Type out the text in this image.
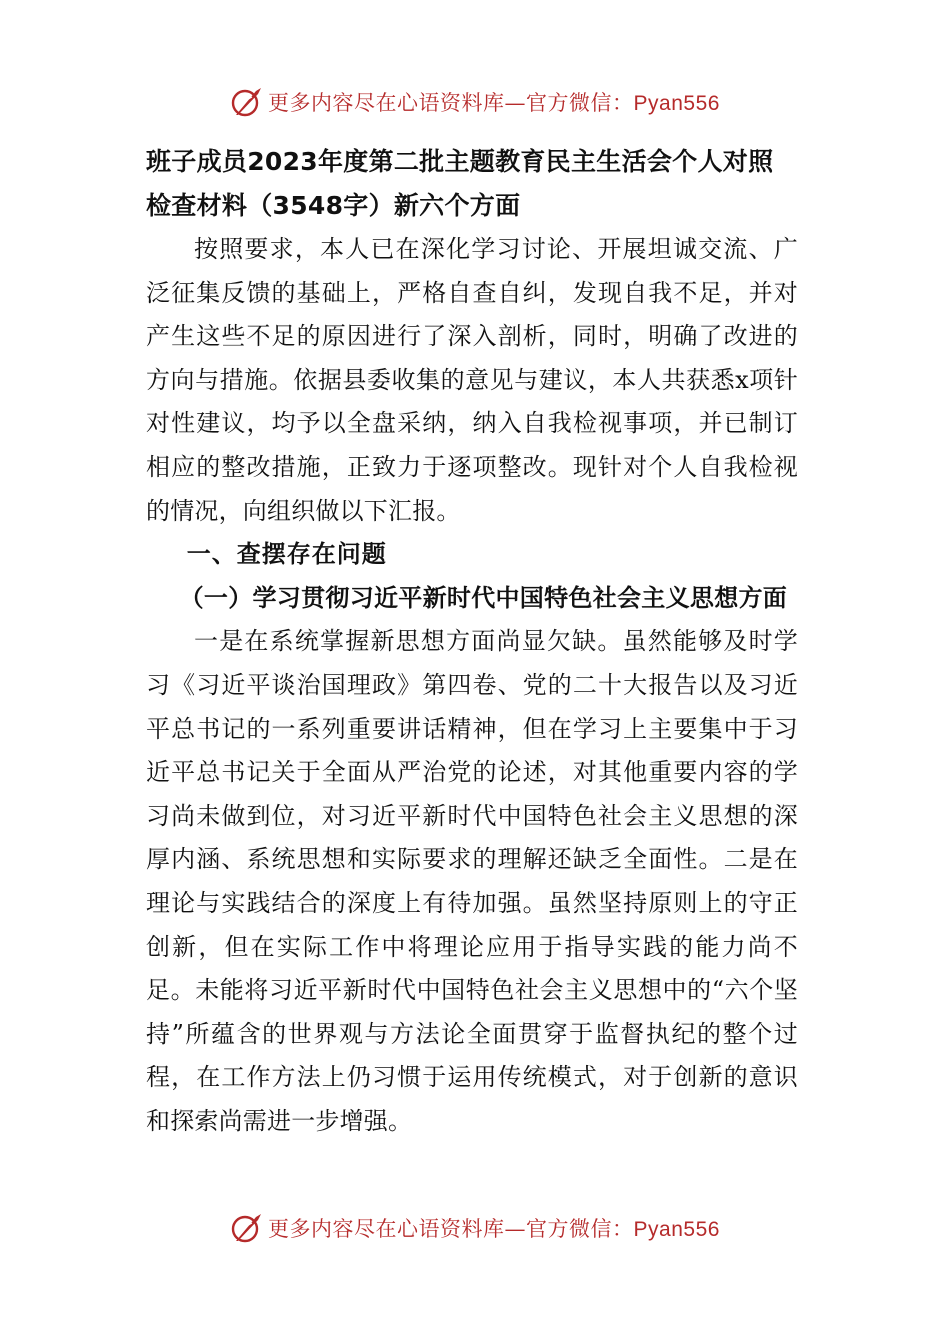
更多内容尽在心语资料库—官方微信：Pyan556
班子成员2023年度第二批主题教育民主生活会个人对照检查材料（3548字）新六个方面

按照要求，本人已在深化学习讨论、开展坦诚交流、广泛征集反馈的基础上，严格自查自纠，发现自我不足，并对产生这些不足的原因进行了深入剖析，同时，明确了改进的方向与措施。依据县委收集的意见与建议，本人共获悉x项针对性建议，均予以全盘采纳，纳入自我检视事项，并已制订相应的整改措施，正致力于逐项整改。现针对个人自我检视的情况，向组织做以下汇报。

一、查摆存在问题
（一）学习贯彻习近平新时代中国特色社会主义思想方面

一是在系统掌握新思想方面尚显欠缺。虽然能够及时学习《习近平谈治国理政》第四卷、党的二十大报告以及习近平总书记的一系列重要讲话精神，但在学习上主要集中于习近平总书记关于全面从严治党的论述，对其他重要内容的学习尚未做到位，对习近平新时代中国特色社会主义思想的深厚内涵、系统思想和实际要求的理解还缺乏全面性。二是在理论与实践结合的深度上有待加强。虽然坚持原则上的守正创新，但在实际工作中将理论应用于指导实践的能力尚不足。未能将习近平新时代中国特色社会主义思想中的“六个坚持”所蕴含的世界观与方法论全面贯穿于监督执纪的整个过程，在工作方法上仍习惯于运用传统模式，对于创新的意识和探索尚需进一步增强。

更多内容尽在心语资料库—官方微信：Pyan556
